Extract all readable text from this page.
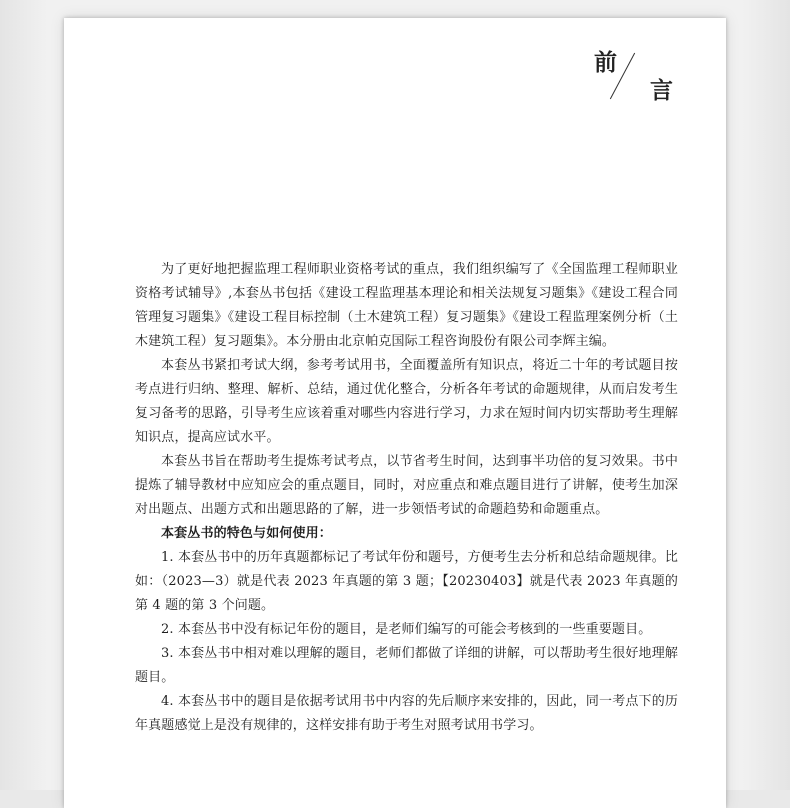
前
言

为了更好地把握监理工程师职业资格考试的重点，我们组织编写了《全国监理工程师职业资格考试辅导》,本套丛书包括《建设工程监理基本理论和相关法规复习题集》《建设工程合同管理复习题集》《建设工程目标控制（土木建筑工程）复习题集》《建设工程监理案例分析（土木建筑工程）复习题集》。本分册由北京帕克国际工程咨询股份有限公司李辉主编。

本套丛书紧扣考试大纲，参考考试用书，全面覆盖所有知识点，将近二十年的考试题目按考点进行归纳、整理、解析、总结，通过优化整合，分析各年考试的命题规律，从而启发考生复习备考的思路，引导考生应该着重对哪些内容进行学习，力求在短时间内切实帮助考生理解知识点，提高应试水平。

本套丛书旨在帮助考生提炼考试考点，以节省考生时间，达到事半功倍的复习效果。书中提炼了辅导教材中应知应会的重点题目，同时，对应重点和难点题目进行了讲解，使考生加深对出题点、出题方式和出题思路的了解，进一步领悟考试的命题趋势和命题重点。

本套丛书的特色与如何使用：

1. 本套丛书中的历年真题都标记了考试年份和题号，方便考生去分析和总结命题规律。比如：（2023—3）就是代表 2023 年真题的第 3 题；【20230403】就是代表 2023 年真题的第 4 题的第 3 个问题。

2. 本套丛书中没有标记年份的题目，是老师们编写的可能会考核到的一些重要题目。

3. 本套丛书中相对难以理解的题目，老师们都做了详细的讲解，可以帮助考生很好地理解题目。

4. 本套丛书中的题目是依据考试用书中内容的先后顺序来安排的，因此，同一考点下的历年真题感觉上是没有规律的，这样安排有助于考生对照考试用书学习。
